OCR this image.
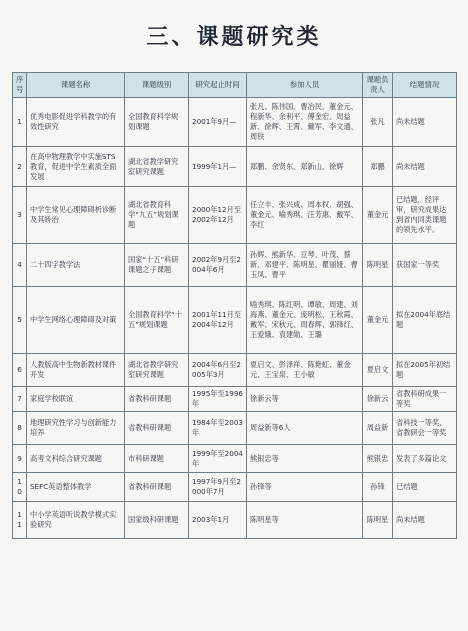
三、课题研究类
序号	课题名称	课题级别	研究起止时间	参加人员	课题负责人	结题情况
1	优秀电影促进学科教学的有效性研究	全国教育科学规划课题	2001年9月—	张凡、陈伟国、曹冶民、董金元、程新华、余利平、傅金宏、周益新、徐辉、王霄、戴军、李文通、周铁	张凡	尚未结题
2	在高中物理教学中实施STS教育，促进中学生素质全面发展	湖北省教学研究室研究课题	1999年1月—	郑鹏、余贤东、郑新山、徐辉	郑鹏	尚未结题
3	中学生常见心理障碍析诊断及其矫治	湖北省教育科学“九五”规划课题	2000年12月至2002年12月	任立丰、张兴成、周本权、胡强、董金元、喻秀琪、汪芳惠、戴军、李红	董金元	已结题，经评审，研究成果达到省内同类课题的领先水平。
4	二十四字教学法	国家“十五”科研课题之子课题	2002年9月至2004年6月	孙辉、熊新华、豆琴、叶茂、蔡新、邓建平、陈明星、瞿丽娅、曹玉凤、曹平	陈明星	获国家一等奖
5	中学生网络心理障碍及对策	全国教育科学“十五”规划课题	2001年11月至2004年12月	喻秀琪、陈红明、谭敏、周建、刘海燕、董金元、庞明松、王秋霞、戴军、宋秋元、周春辉、郭锋红、王爱娥、袁建勋、王璐	董金元	拟在2004年底结题
6	人教版高中生物新教材课件开发	湖北省教学研究室研究课题	2004年6月至2005年3月	夏启文、彭泽祥、陈艳虹、董金元、王宝泉、王小敏	夏启文	拟在2005年初结题
7	家庭学校联谊	省教科研课题	1995年至1996年	徐新云等	徐新云	省教科研成果一等奖
8	地理研究性学习与创新能力培养	省教科研课题	1984年至2003年	周益新等6人	周益新	省科技一等奖，省教研会一等奖
9	高考文科综合研究课题	市科研课题	1999年至2004年	熊银忠等	熊银忠	发表了多篇论文
10	SEFC英语整体教学	省教科研课题	1997年9月至2000年7月	孙锋等	孙锋	已结题
11	中小学英语听说教学模式实验研究	国家级科研课题	2003年1月	陈明星等	陈明星	尚未结题
